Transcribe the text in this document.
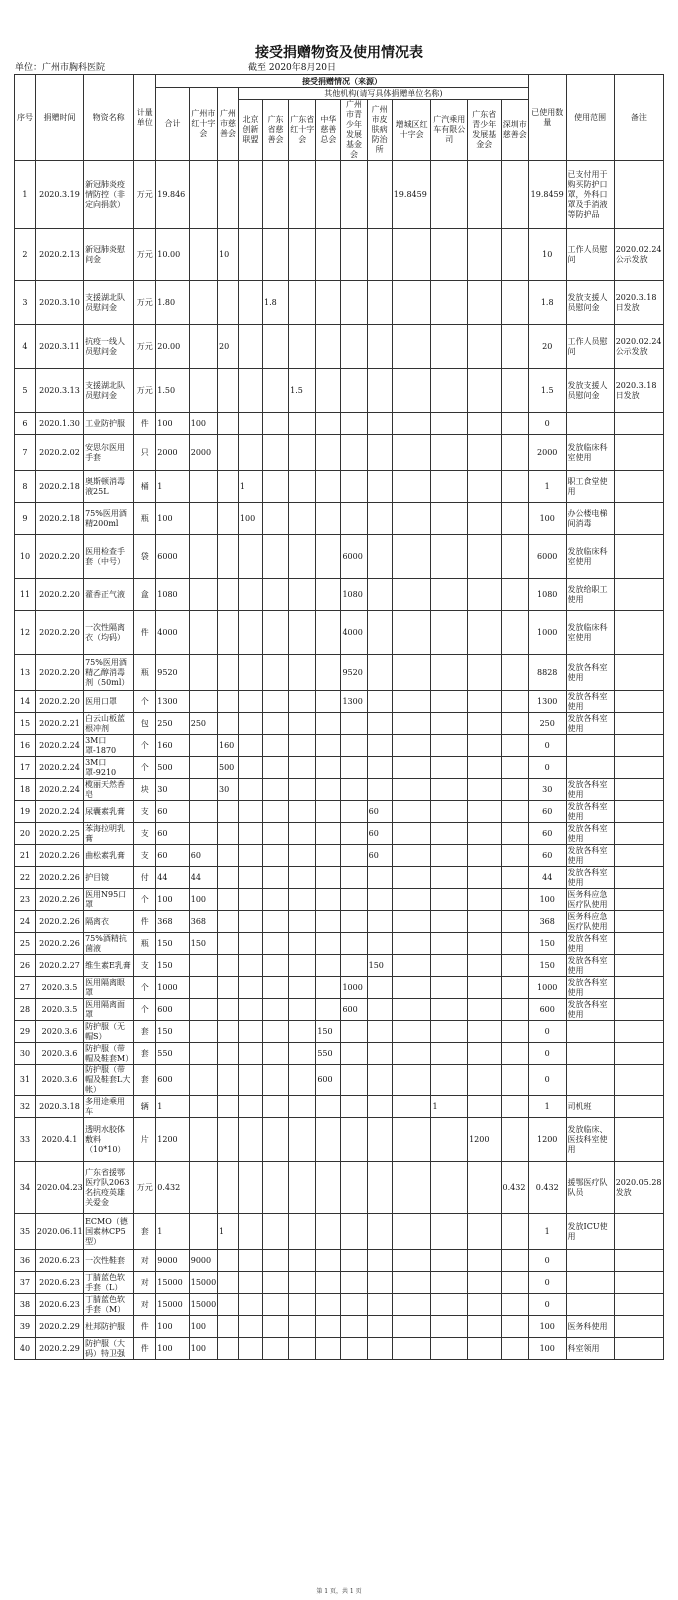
接受捐赠物资及使用情况表
单位：广州市胸科医院	截至 2020年8月20日
序号	捐赠时间	物资名称	计量单位	接受捐赠情况（来源）													已使用数量	使用范围	备注
				合计	广州市红十字会	广州市慈善会	其他机构(请写具体捐赠单位名称)												
							北京创新联盟	广东省慈善会	广东省红十字会	中华慈善总会	广州市青少年发展基金会	广州市皮肤病防治所	增城区红十字会	广汽乘用车有限公司	广东省青少年发展基金会	深圳市慈善会			
1	2020.3.19	新冠肺炎疫情防控（非定向捐款）	万元	19.846									19.8459				19.8459	已支付用于购买防护口罩，外科口罩及手消液等防护品	
2	2020.2.13	新冠肺炎慰问金	万元	10.00		10											10	工作人员慰问	2020.02.24公示发放
3	2020.3.10	支援湖北队员慰问金	万元	1.80				1.8									1.8	发放支援人员慰问金	2020.3.18日发放
4	2020.3.11	抗疫一线人员慰问金	万元	20.00		20											20	工作人员慰问	2020.02.24公示发放
5	2020.3.13	支援湖北队员慰问金	万元	1.50					1.5								1.5	发放支援人员慰问金	2020.3.18日发放
6	2020.1.30	工业防护服	件	100	100												0		
7	2020.2.02	安思尔医用手套	只	2000	2000												2000	发放临床科室使用	
8	2020.2.18	奥斯顿消毒液25L	桶	1			1										1	职工食堂使用	
9	2020.2.18	75%医用酒精200ml	瓶	100			100										100	办公楼电梯间消毒	
10	2020.2.20	医用检查手套（中号）	袋	6000							6000						6000	发放临床科室使用	
11	2020.2.20	藿香正气液	盒	1080							1080						1080	发放给职工使用	
12	2020.2.20	一次性隔离衣（均码）	件	4000							4000						1000	发放临床科室使用	
13	2020.2.20	75%医用酒精乙醇消毒剂（50ml）	瓶	9520							9520						8828	发放各科室使用	
14	2020.2.20	医用口罩	个	1300							1300						1300	发放各科室使用	
15	2020.2.21	白云山板蓝根冲剂	包	250	250												250	发放各科室使用	
16	2020.2.24	3M口罩-1870	个	160		160											0		
17	2020.2.24	3M口罩-9210	个	500		500											0		
18	2020.2.24	榄丽天然香皂	块	30		30											30	发放各科室使用	
19	2020.2.24	尿囊素乳膏	支	60								60					60	发放各科室使用	
20	2020.2.25	苯海拉明乳膏	支	60								60					60	发放各科室使用	
21	2020.2.26	曲松素乳膏	支	60	60							60					60	发放各科室使用	
22	2020.2.26	护目镜	付	44	44												44	发放各科室使用	
23	2020.2.26	医用N95口罩	个	100	100												100	医务科应急医疗队使用	
24	2020.2.26	隔离衣	件	368	368												368	医务科应急医疗队使用	
25	2020.2.26	75%酒精抗菌液	瓶	150	150												150	发放各科室使用	
26	2020.2.27	维生素E乳膏	支	150								150					150	发放各科室使用	
27	2020.3.5	医用隔离眼罩	个	1000							1000						1000	发放各科室使用	
28	2020.3.5	医用隔离面罩	个	600							600						600	发放各科室使用	
29	2020.3.6	防护服（无帽S）	套	150						150							0		
30	2020.3.6	防护服（带帽及鞋套M）	套	550						550							0		
31	2020.3.6	防护服（带帽及鞋套L大帐）	套	600						600							0		
32	2020.3.18	多用途乘用车	辆	1										1			1	司机班	
33	2020.4.1	透明水胶体敷料（10*10）	片	1200											1200		1200	发放临床、医技科室使用	
34	2020.04.23	广东省援鄂医疗队2063名抗疫英雄关爱金	万元	0.432												0.432	0.432	援鄂医疗队队员	2020.05.28发放
35	2020.06.11	ECMO（德国素林CP5型）	套	1		1											1	发放ICU使用	
36	2020.6.23	一次性鞋套	对	9000	9000												0		
37	2020.6.23	丁腈蓝色软手套（L）	对	15000	15000												0		
38	2020.6.23	丁腈蓝色软手套（M）	对	15000	15000												0		
39	2020.2.29	杜邦防护服	件	100	100												100	医务科使用	
40	2020.2.29	防护服（大码）特卫强	件	100	100												100	科室领用	
第 1 页，共 1 页
